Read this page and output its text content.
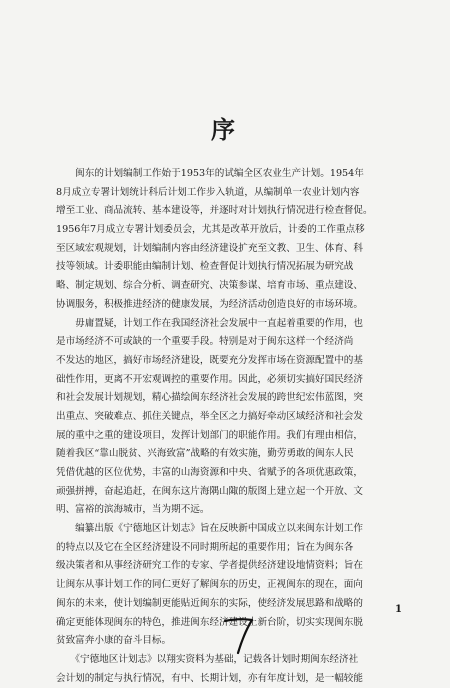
序
　　闽东的计划编制工作始于1953年的试编全区农业生产计划。1954年
8月成立专署计划统计科后计划工作步入轨道，从编制单一农业计划内容
增至工业、商品流转、基本建设等，并逐时对计划执行情况进行检查督促。
1956年7月成立专署计划委员会，尤其是改革开放后，计委的工作重点移
至区域宏观规划，计划编制内容由经济建设扩充至文教、卫生、体育、科
技等领域。计委职能由编制计划、检查督促计划执行情况拓展为研究战
略、制定规划、综合分析、调查研究、决策参谋、培育市场、重点建设、
协调服务，积极推进经济的健康发展，为经济活动创造良好的市场环境。
　　毋庸置疑，计划工作在我国经济社会发展中一直起着重要的作用，也
是市场经济不可或缺的一个重要手段。特别是对于闽东这样一个经济尚
不发达的地区，搞好市场经济建设，既要充分发挥市场在资源配置中的基
础性作用，更离不开宏观调控的重要作用。因此，必须切实搞好国民经济
和社会发展计划规划，精心描绘闽东经济社会发展的跨世纪宏伟蓝图，突
出重点、突破难点、抓住关键点，举全区之力搞好牵动区域经济和社会发
展的重中之重的建设项目，发挥计划部门的职能作用。我们有理由相信，
随着我区“靠山脱贫、兴海致富”战略的有效实施，勤劳勇敢的闽东人民
凭借优越的区位优势，丰富的山海资源和中央、省赋予的各项优惠政策，
顽强拼搏，奋起追赶，在闽东这片海隅山陬的版图上建立起一个开放、文
明、富裕的滨海城市，当为期不远。
　　编纂出版《宁德地区计划志》旨在反映新中国成立以来闽东计划工作
的特点以及它在全区经济建设不同时期所起的重要作用；旨在为闽东各
级决策者和从事经济研究工作的专家、学者提供经济建设地情资料；旨在
让闽东从事计划工作的同仁更好了解闽东的历史，正视闽东的现在，面向
闽东的未来，使计划编制更能贴近闽东的实际，使经济发展思路和战略的
确定更能体现闽东的特色，推进闽东经济建设上新台阶，切实实现闽东脱
贫致富奔小康的奋斗目标。
　　《宁德地区计划志》以翔实资料为基础，记载各计划时期闽东经济社
会计划的制定与执行情况，有中、长期计划，亦有年度计划，是一幅较能
1
